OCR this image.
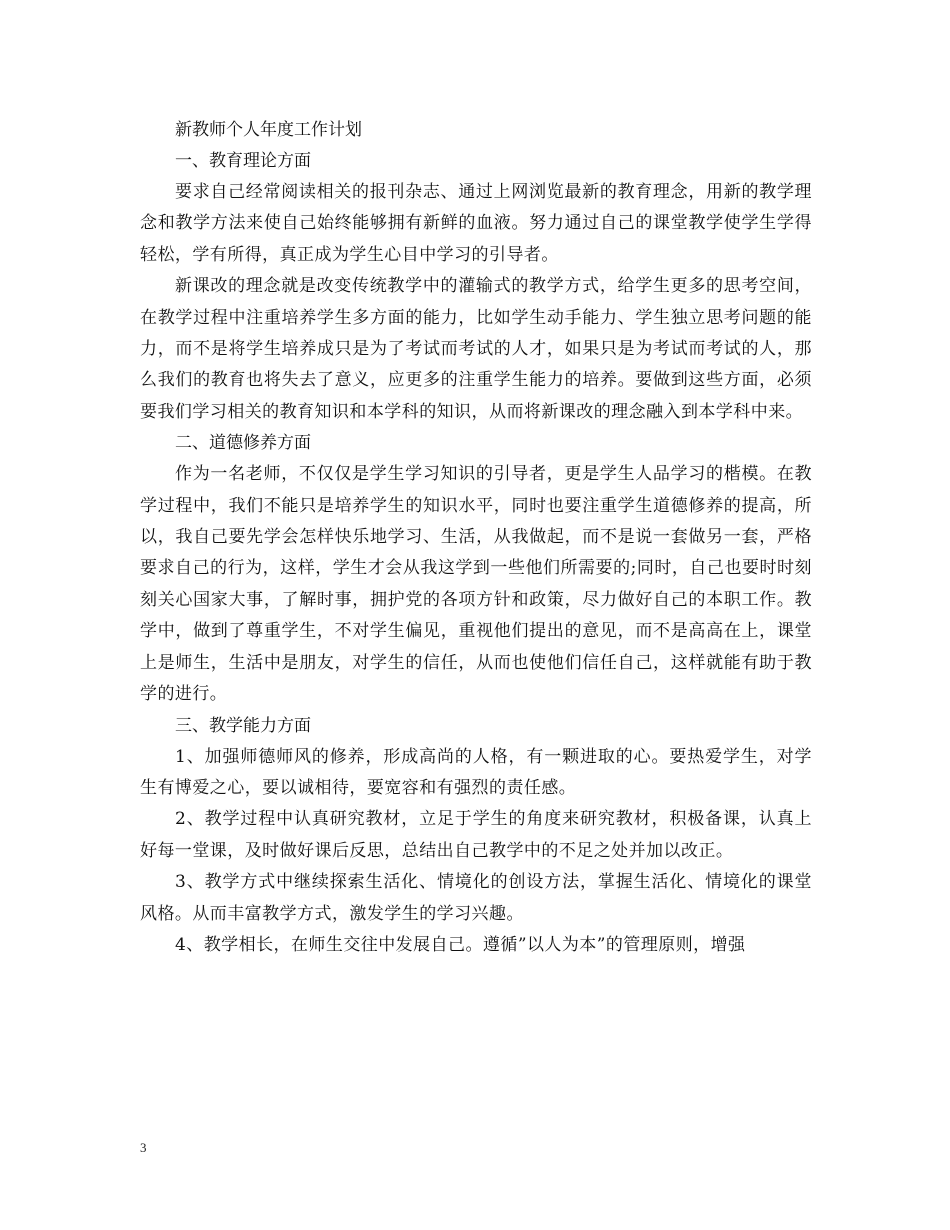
新教师个人年度工作计划

一、教育理论方面

要求自己经常阅读相关的报刊杂志、通过上网浏览最新的教育理念，用新的教学理念和教学方法来使自己始终能够拥有新鲜的血液。努力通过自己的课堂教学使学生学得轻松，学有所得，真正成为学生心目中学习的引导者。

新课改的理念就是改变传统教学中的灌输式的教学方式，给学生更多的思考空间，在教学过程中注重培养学生多方面的能力，比如学生动手能力、学生独立思考问题的能力，而不是将学生培养成只是为了考试而考试的人才，如果只是为考试而考试的人，那么我们的教育也将失去了意义，应更多的注重学生能力的培养。要做到这些方面，必须要我们学习相关的教育知识和本学科的知识，从而将新课改的理念融入到本学科中来。

二、道德修养方面

作为一名老师，不仅仅是学生学习知识的引导者，更是学生人品学习的楷模。在教学过程中，我们不能只是培养学生的知识水平，同时也要注重学生道德修养的提高，所以，我自己要先学会怎样快乐地学习、生活，从我做起，而不是说一套做另一套，严格要求自己的行为，这样，学生才会从我这学到一些他们所需要的;同时，自己也要时时刻刻关心国家大事，了解时事，拥护党的各项方针和政策，尽力做好自己的本职工作。教学中，做到了尊重学生，不对学生偏见，重视他们提出的意见，而不是高高在上，课堂上是师生，生活中是朋友，对学生的信任，从而也使他们信任自己，这样就能有助于教学的进行。

三、教学能力方面

1、加强师德师风的修养，形成高尚的人格，有一颗进取的心。要热爱学生，对学生有博爱之心，要以诚相待，要宽容和有强烈的责任感。

2、教学过程中认真研究教材，立足于学生的角度来研究教材，积极备课，认真上好每一堂课，及时做好课后反思，总结出自己教学中的不足之处并加以改正。

3、教学方式中继续探索生活化、情境化的创设方法，掌握生活化、情境化的课堂风格。从而丰富教学方式，激发学生的学习兴趣。

4、教学相长，在师生交往中发展自己。遵循”以人为本”的管理原则，增强

3
